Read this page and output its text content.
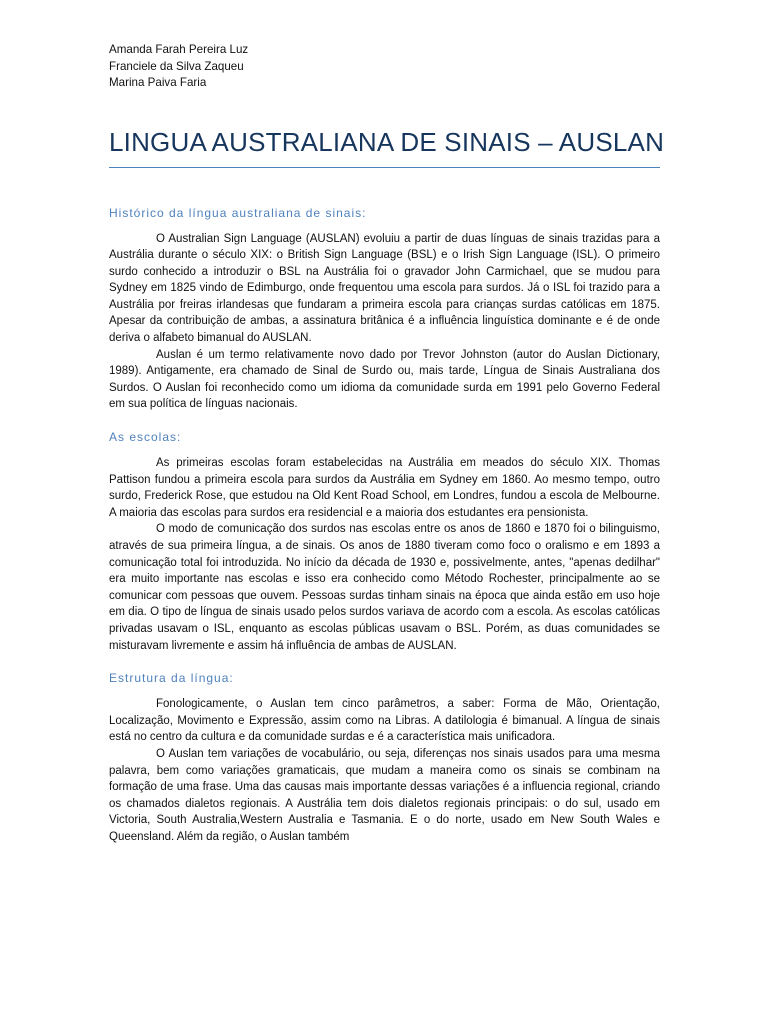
Amanda Farah Pereira Luz
Franciele da Silva Zaqueu
Marina Paiva Faria
LINGUA AUSTRALIANA DE SINAIS – AUSLAN
Histórico da língua australiana de sinais:

O Australian Sign Language (AUSLAN) evoluiu a partir de duas línguas de sinais trazidas para a Austrália durante o século XIX: o British Sign Language (BSL) e o Irish Sign Language (ISL). O primeiro surdo conhecido a introduzir o BSL na Austrália foi o gravador John Carmichael, que se mudou para Sydney em 1825 vindo de Edimburgo, onde frequentou uma escola para surdos. Já o ISL foi trazido para a Austrália por freiras irlandesas que fundaram a primeira escola para crianças surdas católicas em 1875. Apesar da contribuição de ambas, a assinatura britânica é a influência linguística dominante e é de onde deriva o alfabeto bimanual do AUSLAN.

Auslan é um termo relativamente novo dado por Trevor Johnston (autor do Auslan Dictionary, 1989). Antigamente, era chamado de Sinal de Surdo ou, mais tarde, Língua de Sinais Australiana dos Surdos. O Auslan foi reconhecido como um idioma da comunidade surda em 1991 pelo Governo Federal em sua política de línguas nacionais.

As escolas:

As primeiras escolas foram estabelecidas na Austrália em meados do século XIX. Thomas Pattison fundou a primeira escola para surdos da Austrália em Sydney em 1860. Ao mesmo tempo, outro surdo, Frederick Rose, que estudou na Old Kent Road School, em Londres, fundou a escola de Melbourne. A maioria das escolas para surdos era residencial e a maioria dos estudantes era pensionista.

O modo de comunicação dos surdos nas escolas entre os anos de 1860 e 1870 foi o bilinguismo, através de sua primeira língua, a de sinais. Os anos de 1880 tiveram como foco o oralismo e em 1893 a comunicação total foi introduzida. No início da década de 1930 e, possivelmente, antes, "apenas dedilhar" era muito importante nas escolas e isso era conhecido como Método Rochester, principalmente ao se comunicar com pessoas que ouvem. Pessoas surdas tinham sinais na época que ainda estão em uso hoje em dia. O tipo de língua de sinais usado pelos surdos variava de acordo com a escola. As escolas católicas privadas usavam o ISL, enquanto as escolas públicas usavam o BSL. Porém, as duas comunidades se misturavam livremente e assim há influência de ambas de AUSLAN.

Estrutura da língua:

Fonologicamente, o Auslan tem cinco parâmetros, a saber: Forma de Mão, Orientação, Localização, Movimento e Expressão, assim como na Libras. A datilologia é bimanual. A língua de sinais está no centro da cultura e da comunidade surdas e é a característica mais unificadora.

O Auslan tem variações de vocabulário, ou seja, diferenças nos sinais usados para uma mesma palavra, bem como variações gramaticais, que mudam a maneira como os sinais se combinam na formação de uma frase. Uma das causas mais importante dessas variações é a influencia regional, criando os chamados dialetos regionais. A Austrália tem dois dialetos regionais principais: o do sul, usado em Victoria, South Australia,Western Australia e Tasmania. E o do norte, usado em New South Wales e Queensland. Além da região, o Auslan também
